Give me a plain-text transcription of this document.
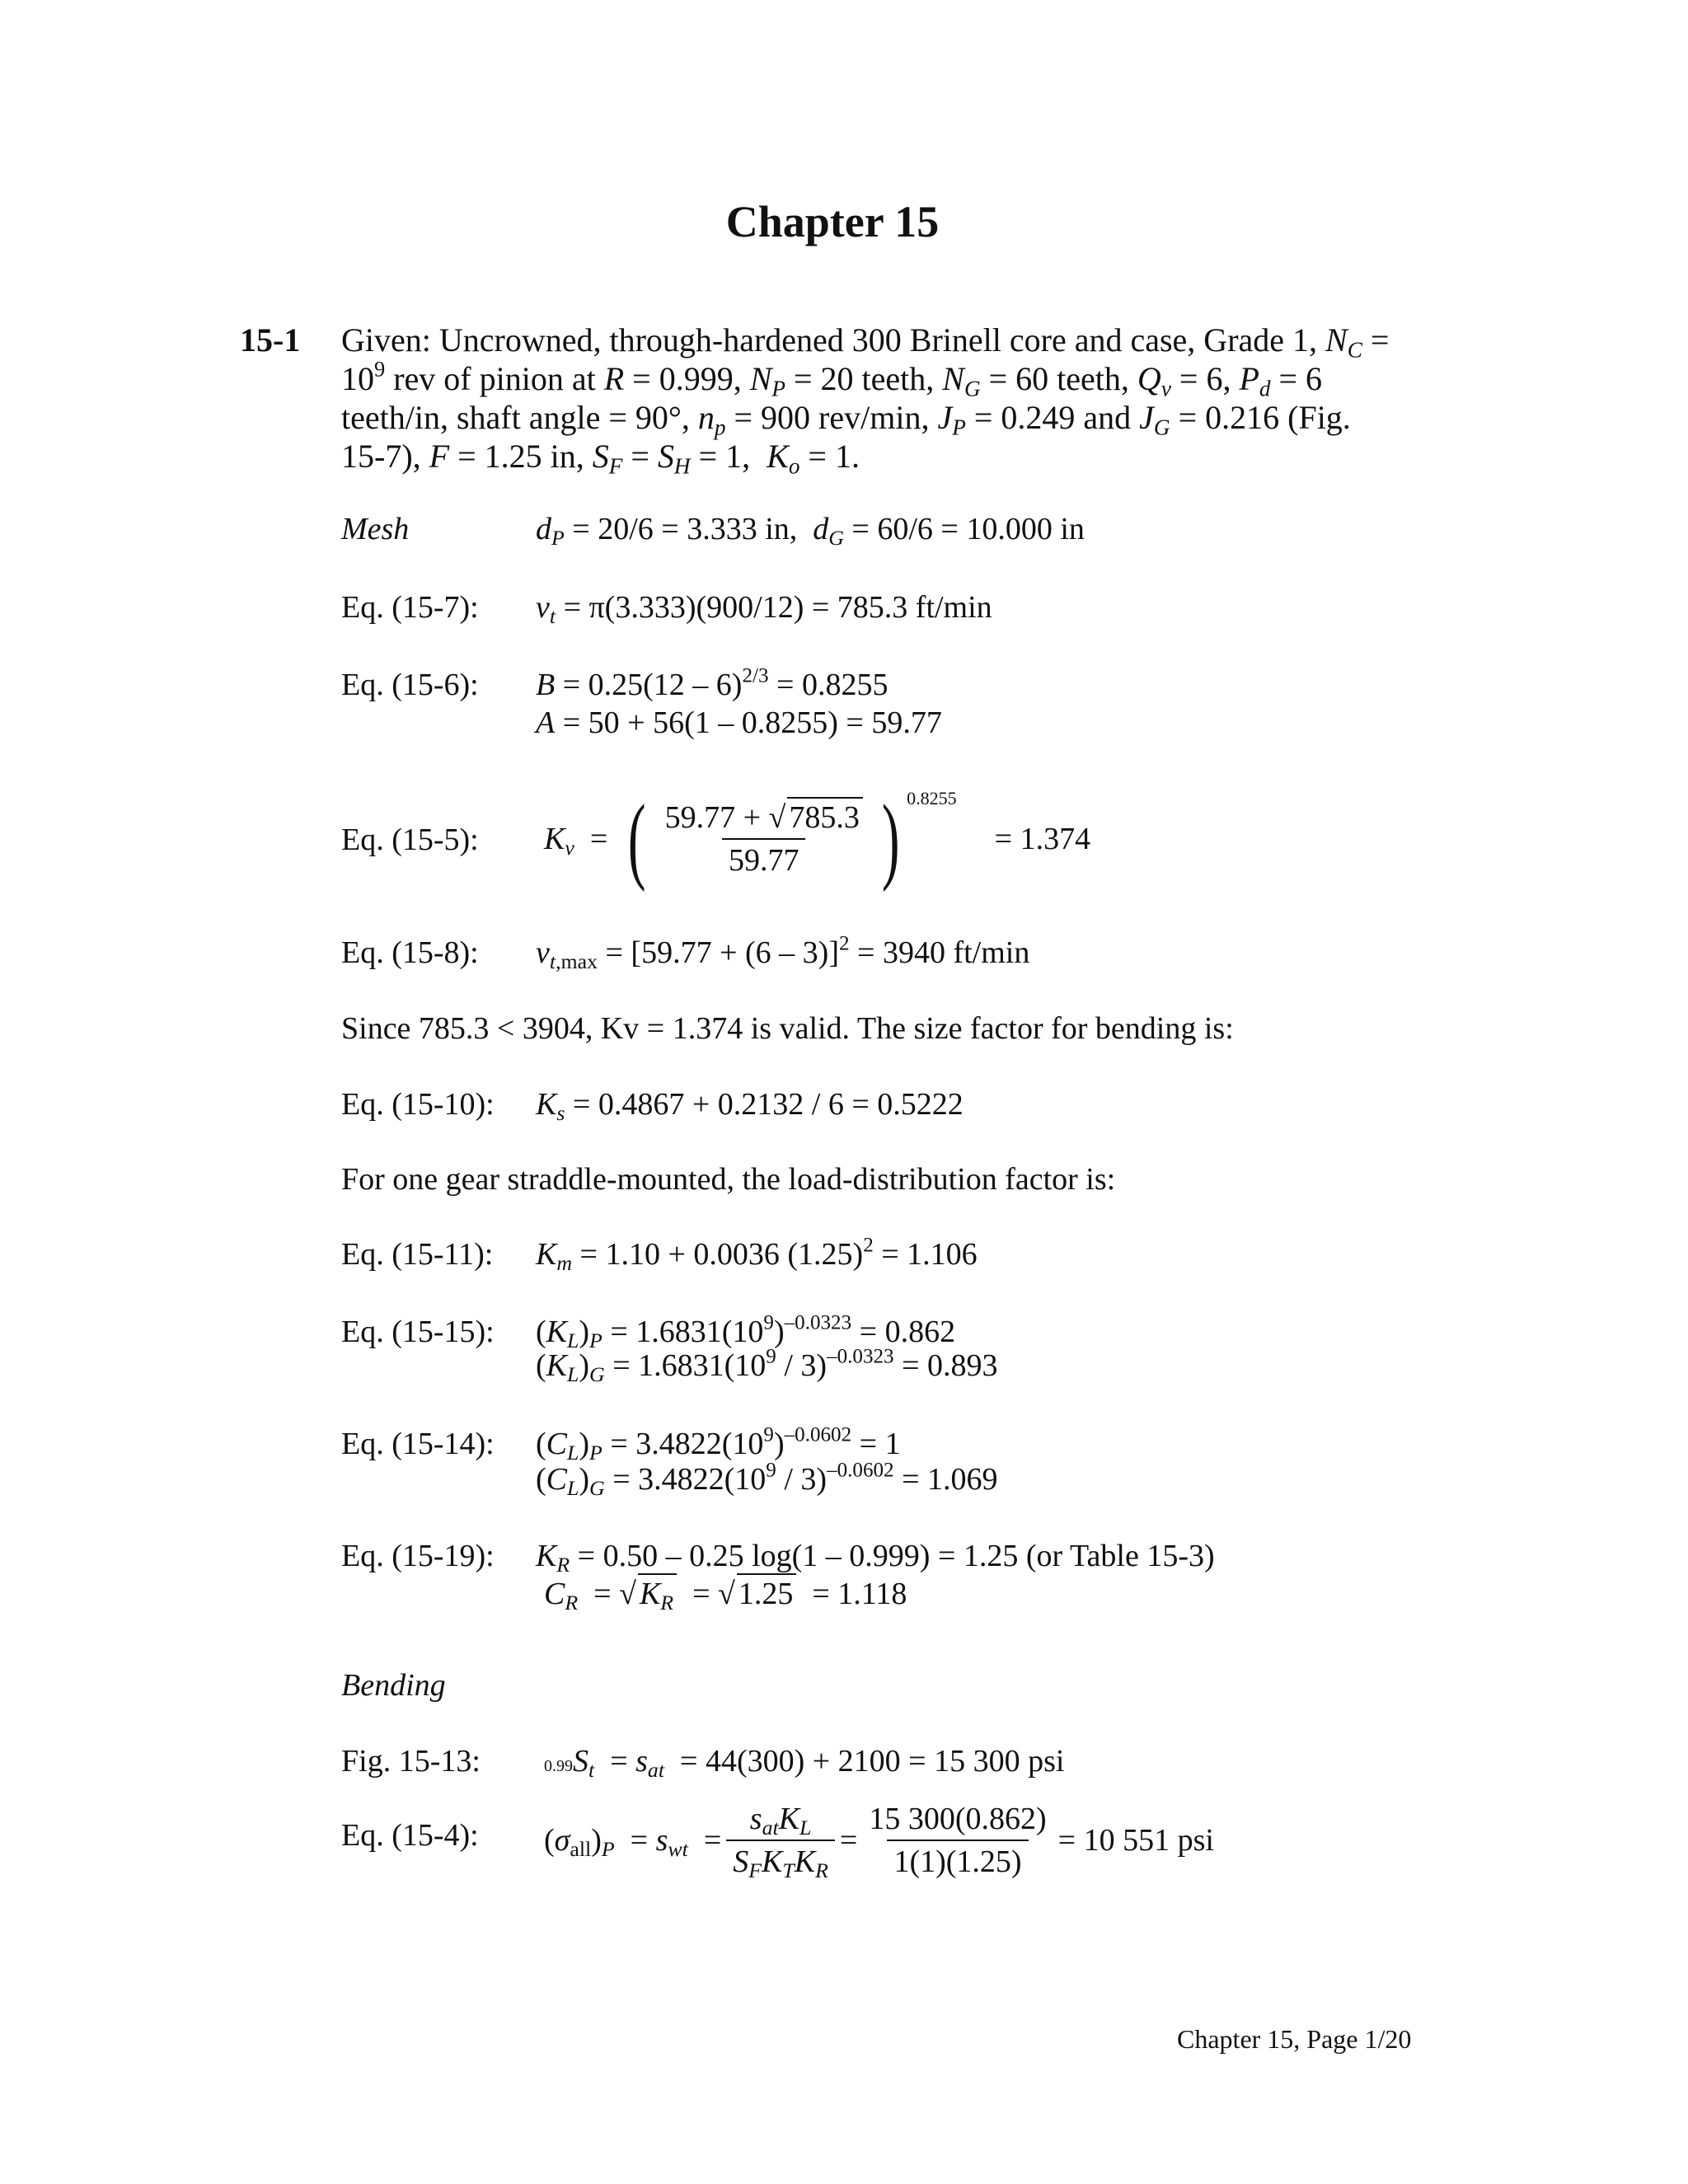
Chapter 15
15-1 Given: Uncrowned, through-hardened 300 Brinell core and case, Grade 1, $N_C$ =
$10^9$ rev of pinion at R = 0.999, $N_P = 20$ teeth, $N_G = 60$ teeth, $Q_v = 6$, $P_d = 6$
teeth/in, shaft angle = 90°, $n_p = 900$ rev/min, $J_P = 0.249$ and $J_G = 0.216$ (Fig.
15-7), F = 1.25 in, $S_F = S_H = 1$,  $K_o = 1$.
Mesh	$d_P = 20/6 = 3.333$ in, $d_G = 60/6 = 10.000$ in
Eq. (15-7): $v_t = \pi(3.333)(900/12) = 785.3$ ft/min
Eq. (15-6): B = 0.25(12 – 6)$^{2/3}$ = 0.8255
A = 50 + 56(1 – 0.8255) = 59.77
Eq. (15-5): $K_v$  = ( $\frac{59.77 + √ 785.3}{59.77}$ ) 0.8255
= 1.374
Eq. (15-8): $v_{t,max} = [59.77 + (6 - 3)]^2 = 3940$ ft/min
Since 785.3 < 3904, Kv = 1.374 is valid. The size factor for bending is:
Eq. (15-10): $K_s = 0.4867 + 0.2132 / 6 = 0.5222$
For one gear straddle-mounted, the load-distribution factor is:
Eq. (15-11): $K_m = 1.10 + 0.0036$ $(1.25)^2 = 1.106$
Eq. (15-15): $(K_L)_P = 1.6831(10^9)^{-0.0323} = 0.862$
$(K_L)_G = 1.6831(10^9 / 3)^{-0.0323} = 0.893$
Eq. (15-14): $(C_L)_P = 3.4822(10^9)^{-0.0602} = 1$
$(C_L)_G = 3.4822(10^9 / 3)^{-0.0602} = 1.069$
Eq. (15-19): $K_R = 0.50 - 0.25$ log(1 – 0.999) = 1.25 (or Table 15-3)
$C_R$  = √ $K_R$  = √ 1.25 = 1.118
Bending
Fig. 15-13:	$0.99S_t = s_{at} = 44(300) + 2100 = 15$ 300 psi
Eq. (15-4): $(\sigma_{all})_P = s_{wt} = \frac{s_{at}K_L}{S_FK_TK_R} = \frac{15 300(0.862)}{1(1)(1.25)} = 10$ 551 psi
Chapter 15, Page 1/20
